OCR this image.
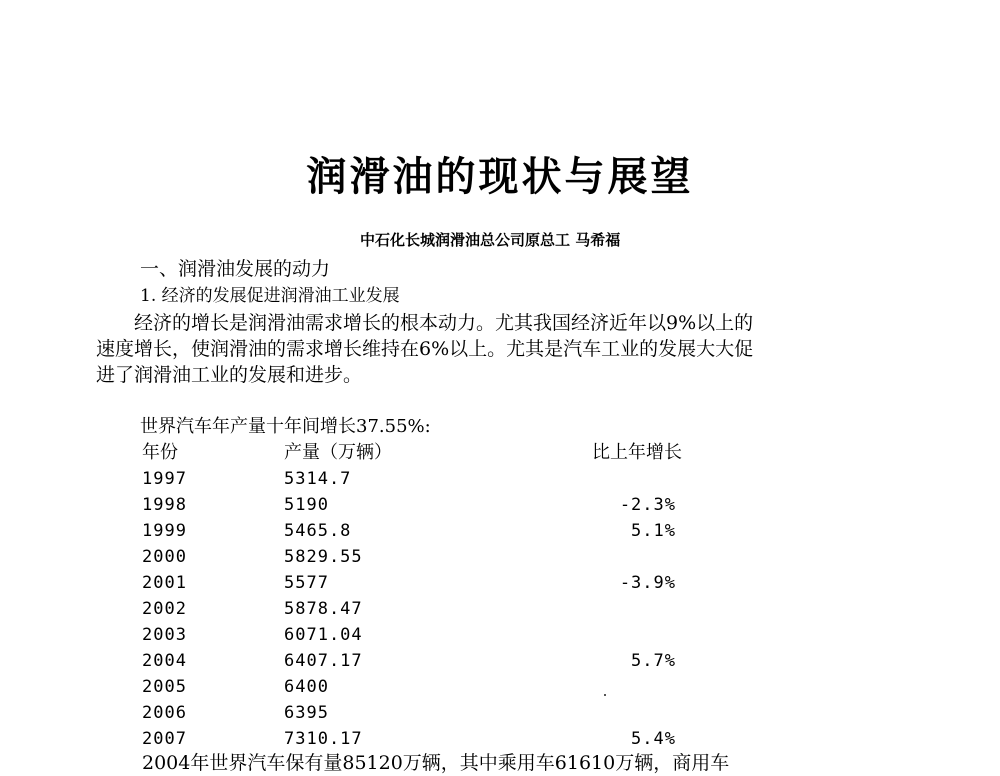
润滑油的现状与展望
中石化长城润滑油总公司原总工 马希福
一、润滑油发展的动力
1. 经济的发展促进润滑油工业发展
　　经济的增长是润滑油需求增长的根本动力。尤其我国经济近年以9%以上的
速度增长，使润滑油的需求增长维持在6%以上。尤其是汽车工业的发展大大促
进了润滑油工业的发展和进步。
世界汽车年产量十年间增长37.55%:
年份	产量（万辆）	比上年增长
1997	5314.7
1998	5190	-2.3%
1999	5465.8	5.1%
2000	5829.55
2001	5577	-3.9%
2002	5878.47
2003	6071.04
2004	6407.17	5.7%
2005	6400
2006	6395
2007	7310.17	5.4%
2004年世界汽车保有量85120万辆，其中乘用车61610万辆，商用车
